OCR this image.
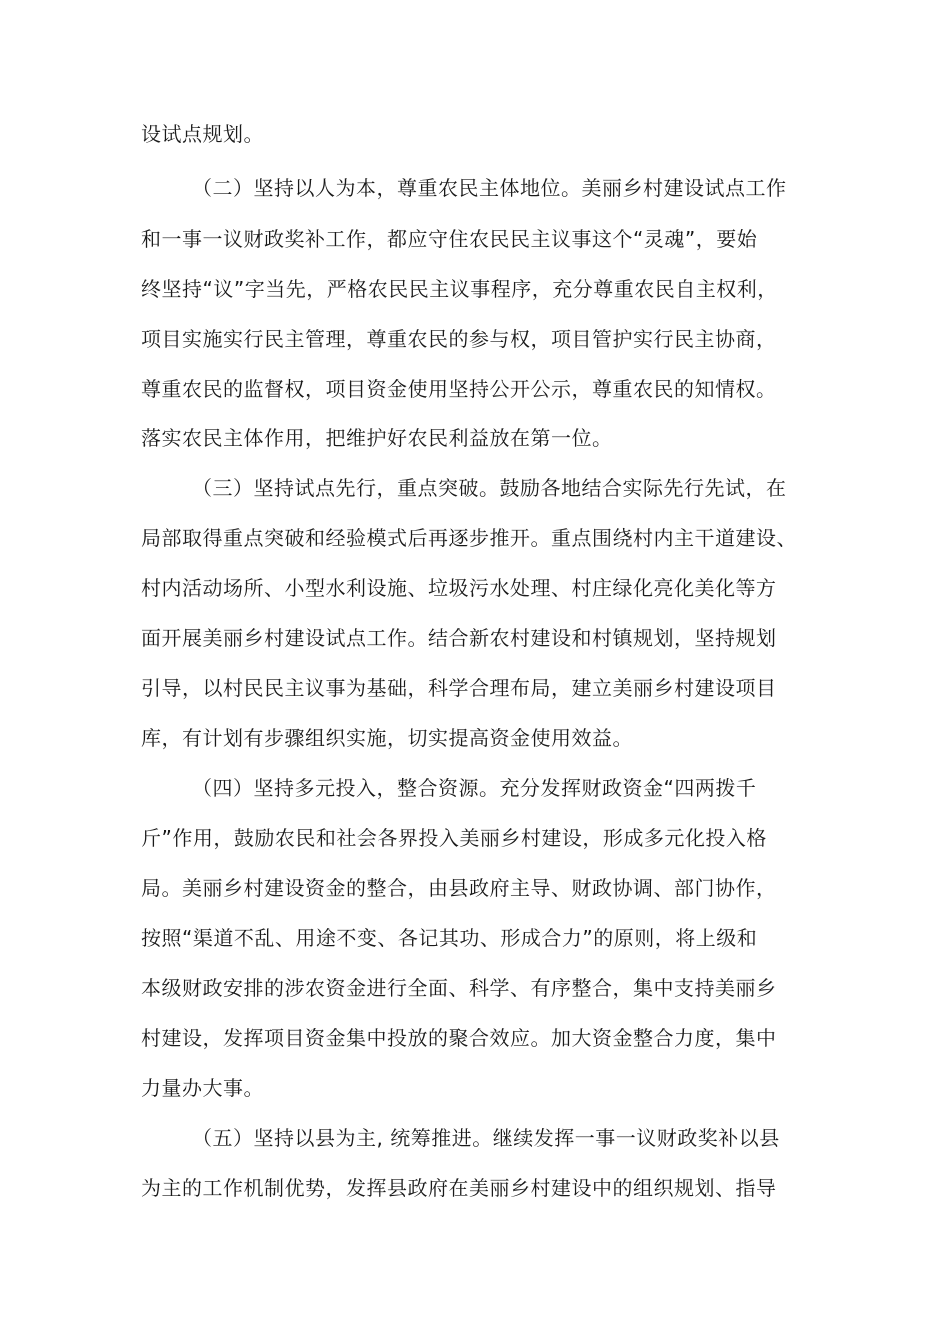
设试点规划。
（二）坚持以人为本，尊重农民主体地位。美丽乡村建设试点工作
和一事一议财政奖补工作，都应守住农民民主议事这个“灵魂”，要始
终坚持“议”字当先，严格农民民主议事程序，充分尊重农民自主权利，
项目实施实行民主管理，尊重农民的参与权，项目管护实行民主协商，
尊重农民的监督权，项目资金使用坚持公开公示，尊重农民的知情权。
落实农民主体作用，把维护好农民利益放在第一位。
（三）坚持试点先行，重点突破。鼓励各地结合实际先行先试，在
局部取得重点突破和经验模式后再逐步推开。重点围绕村内主干道建设、
村内活动场所、小型水利设施、垃圾污水处理、村庄绿化亮化美化等方
面开展美丽乡村建设试点工作。结合新农村建设和村镇规划，坚持规划
引导，以村民民主议事为基础，科学合理布局，建立美丽乡村建设项目
库，有计划有步骤组织实施，切实提高资金使用效益。
（四）坚持多元投入，整合资源。充分发挥财政资金“四两拨千
斤”作用，鼓励农民和社会各界投入美丽乡村建设，形成多元化投入格
局。美丽乡村建设资金的整合，由县政府主导、财政协调、部门协作，
按照“渠道不乱、用途不变、各记其功、形成合力”的原则，将上级和
本级财政安排的涉农资金进行全面、科学、有序整合，集中支持美丽乡
村建设，发挥项目资金集中投放的聚合效应。加大资金整合力度，集中
力量办大事。
（五）坚持以县为主, 统筹推进。继续发挥一事一议财政奖补以县
为主的工作机制优势，发挥县政府在美丽乡村建设中的组织规划、指导
